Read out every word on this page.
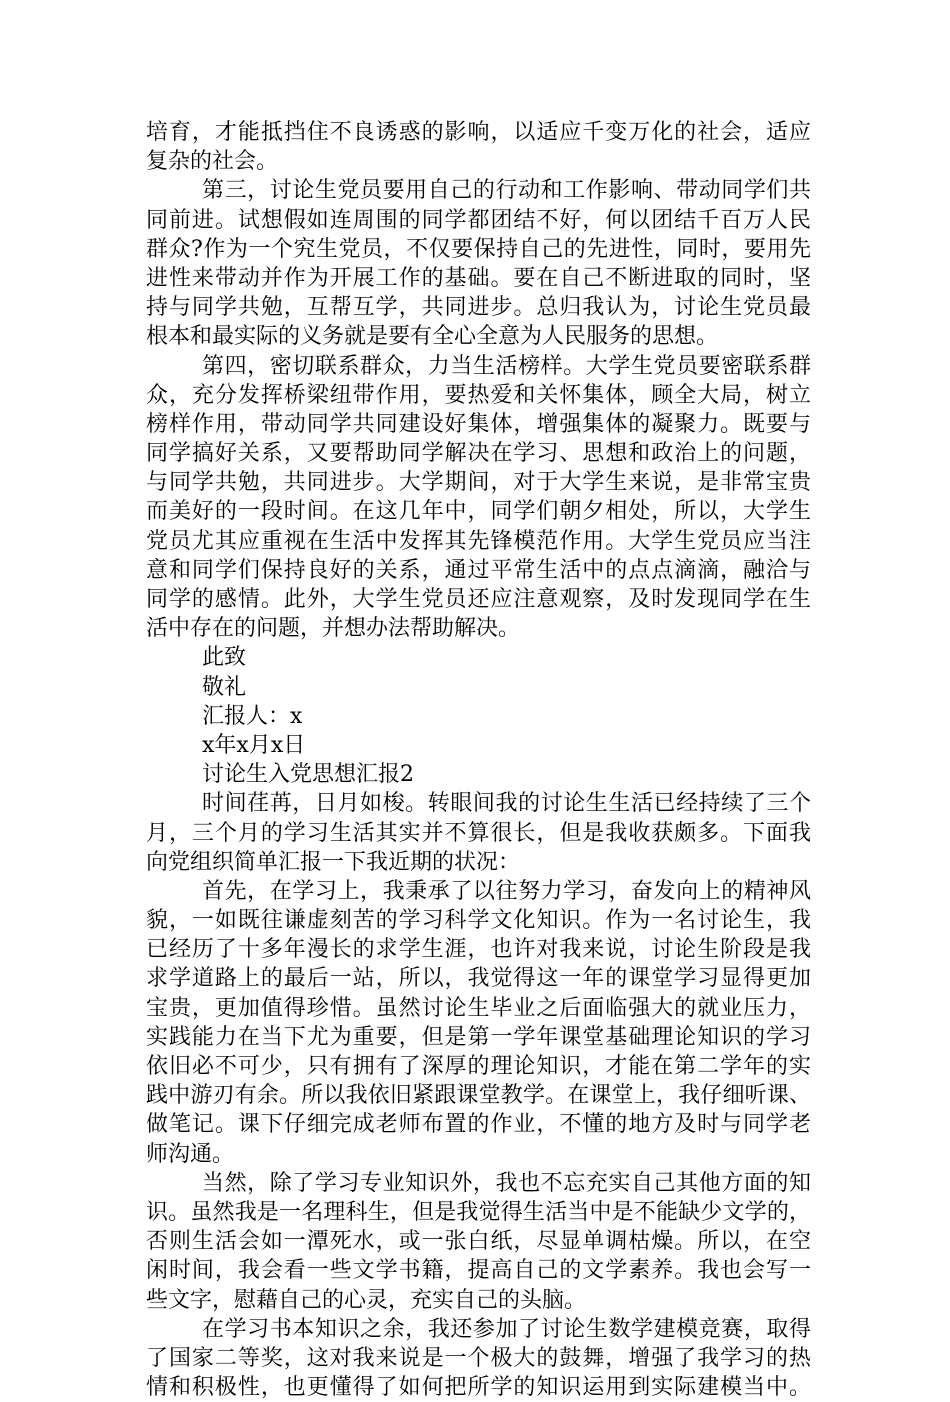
培育，才能抵挡住不良诱惑的影响，以适应千变万化的社会，适应
复杂的社会。
第三，讨论生党员要用自己的行动和工作影响、带动同学们共
同前进。试想假如连周围的同学都团结不好，何以团结千百万人民
群众?作为一个究生党员，不仅要保持自己的先进性，同时，要用先
进性来带动并作为开展工作的基础。要在自己不断进取的同时，坚
持与同学共勉，互帮互学，共同进步。总归我认为，讨论生党员最
根本和最实际的义务就是要有全心全意为人民服务的思想。
第四，密切联系群众，力当生活榜样。大学生党员要密联系群
众，充分发挥桥梁纽带作用，要热爱和关怀集体，顾全大局，树立
榜样作用，带动同学共同建设好集体，增强集体的凝聚力。既要与
同学搞好关系，又要帮助同学解决在学习、思想和政治上的问题，
与同学共勉，共同进步。大学期间，对于大学生来说，是非常宝贵
而美好的一段时间。在这几年中，同学们朝夕相处，所以，大学生
党员尤其应重视在生活中发挥其先锋模范作用。大学生党员应当注
意和同学们保持良好的关系，通过平常生活中的点点滴滴，融洽与
同学的感情。此外，大学生党员还应注意观察，及时发现同学在生
活中存在的问题，并想办法帮助解决。
此致
敬礼
汇报人：x
x年x月x日
讨论生入党思想汇报2
时间荏苒，日月如梭。转眼间我的讨论生生活已经持续了三个
月，三个月的学习生活其实并不算很长，但是我收获颇多。下面我
向党组织简单汇报一下我近期的状况：
首先，在学习上，我秉承了以往努力学习，奋发向上的精神风
貌，一如既往谦虚刻苦的学习科学文化知识。作为一名讨论生，我
已经历了十多年漫长的求学生涯，也许对我来说，讨论生阶段是我
求学道路上的最后一站，所以，我觉得这一年的课堂学习显得更加
宝贵，更加值得珍惜。虽然讨论生毕业之后面临强大的就业压力，
实践能力在当下尤为重要，但是第一学年课堂基础理论知识的学习
依旧必不可少，只有拥有了深厚的理论知识，才能在第二学年的实
践中游刃有余。所以我依旧紧跟课堂教学。在课堂上，我仔细听课、
做笔记。课下仔细完成老师布置的作业，不懂的地方及时与同学老
师沟通。
当然，除了学习专业知识外，我也不忘充实自己其他方面的知
识。虽然我是一名理科生，但是我觉得生活当中是不能缺少文学的，
否则生活会如一潭死水，或一张白纸，尽显单调枯燥。所以，在空
闲时间，我会看一些文学书籍，提高自己的文学素养。我也会写一
些文字，慰藉自己的心灵，充实自己的头脑。
在学习书本知识之余，我还参加了讨论生数学建模竞赛，取得
了国家二等奖，这对我来说是一个极大的鼓舞，增强了我学习的热
情和积极性，也更懂得了如何把所学的知识运用到实际建模当中。
